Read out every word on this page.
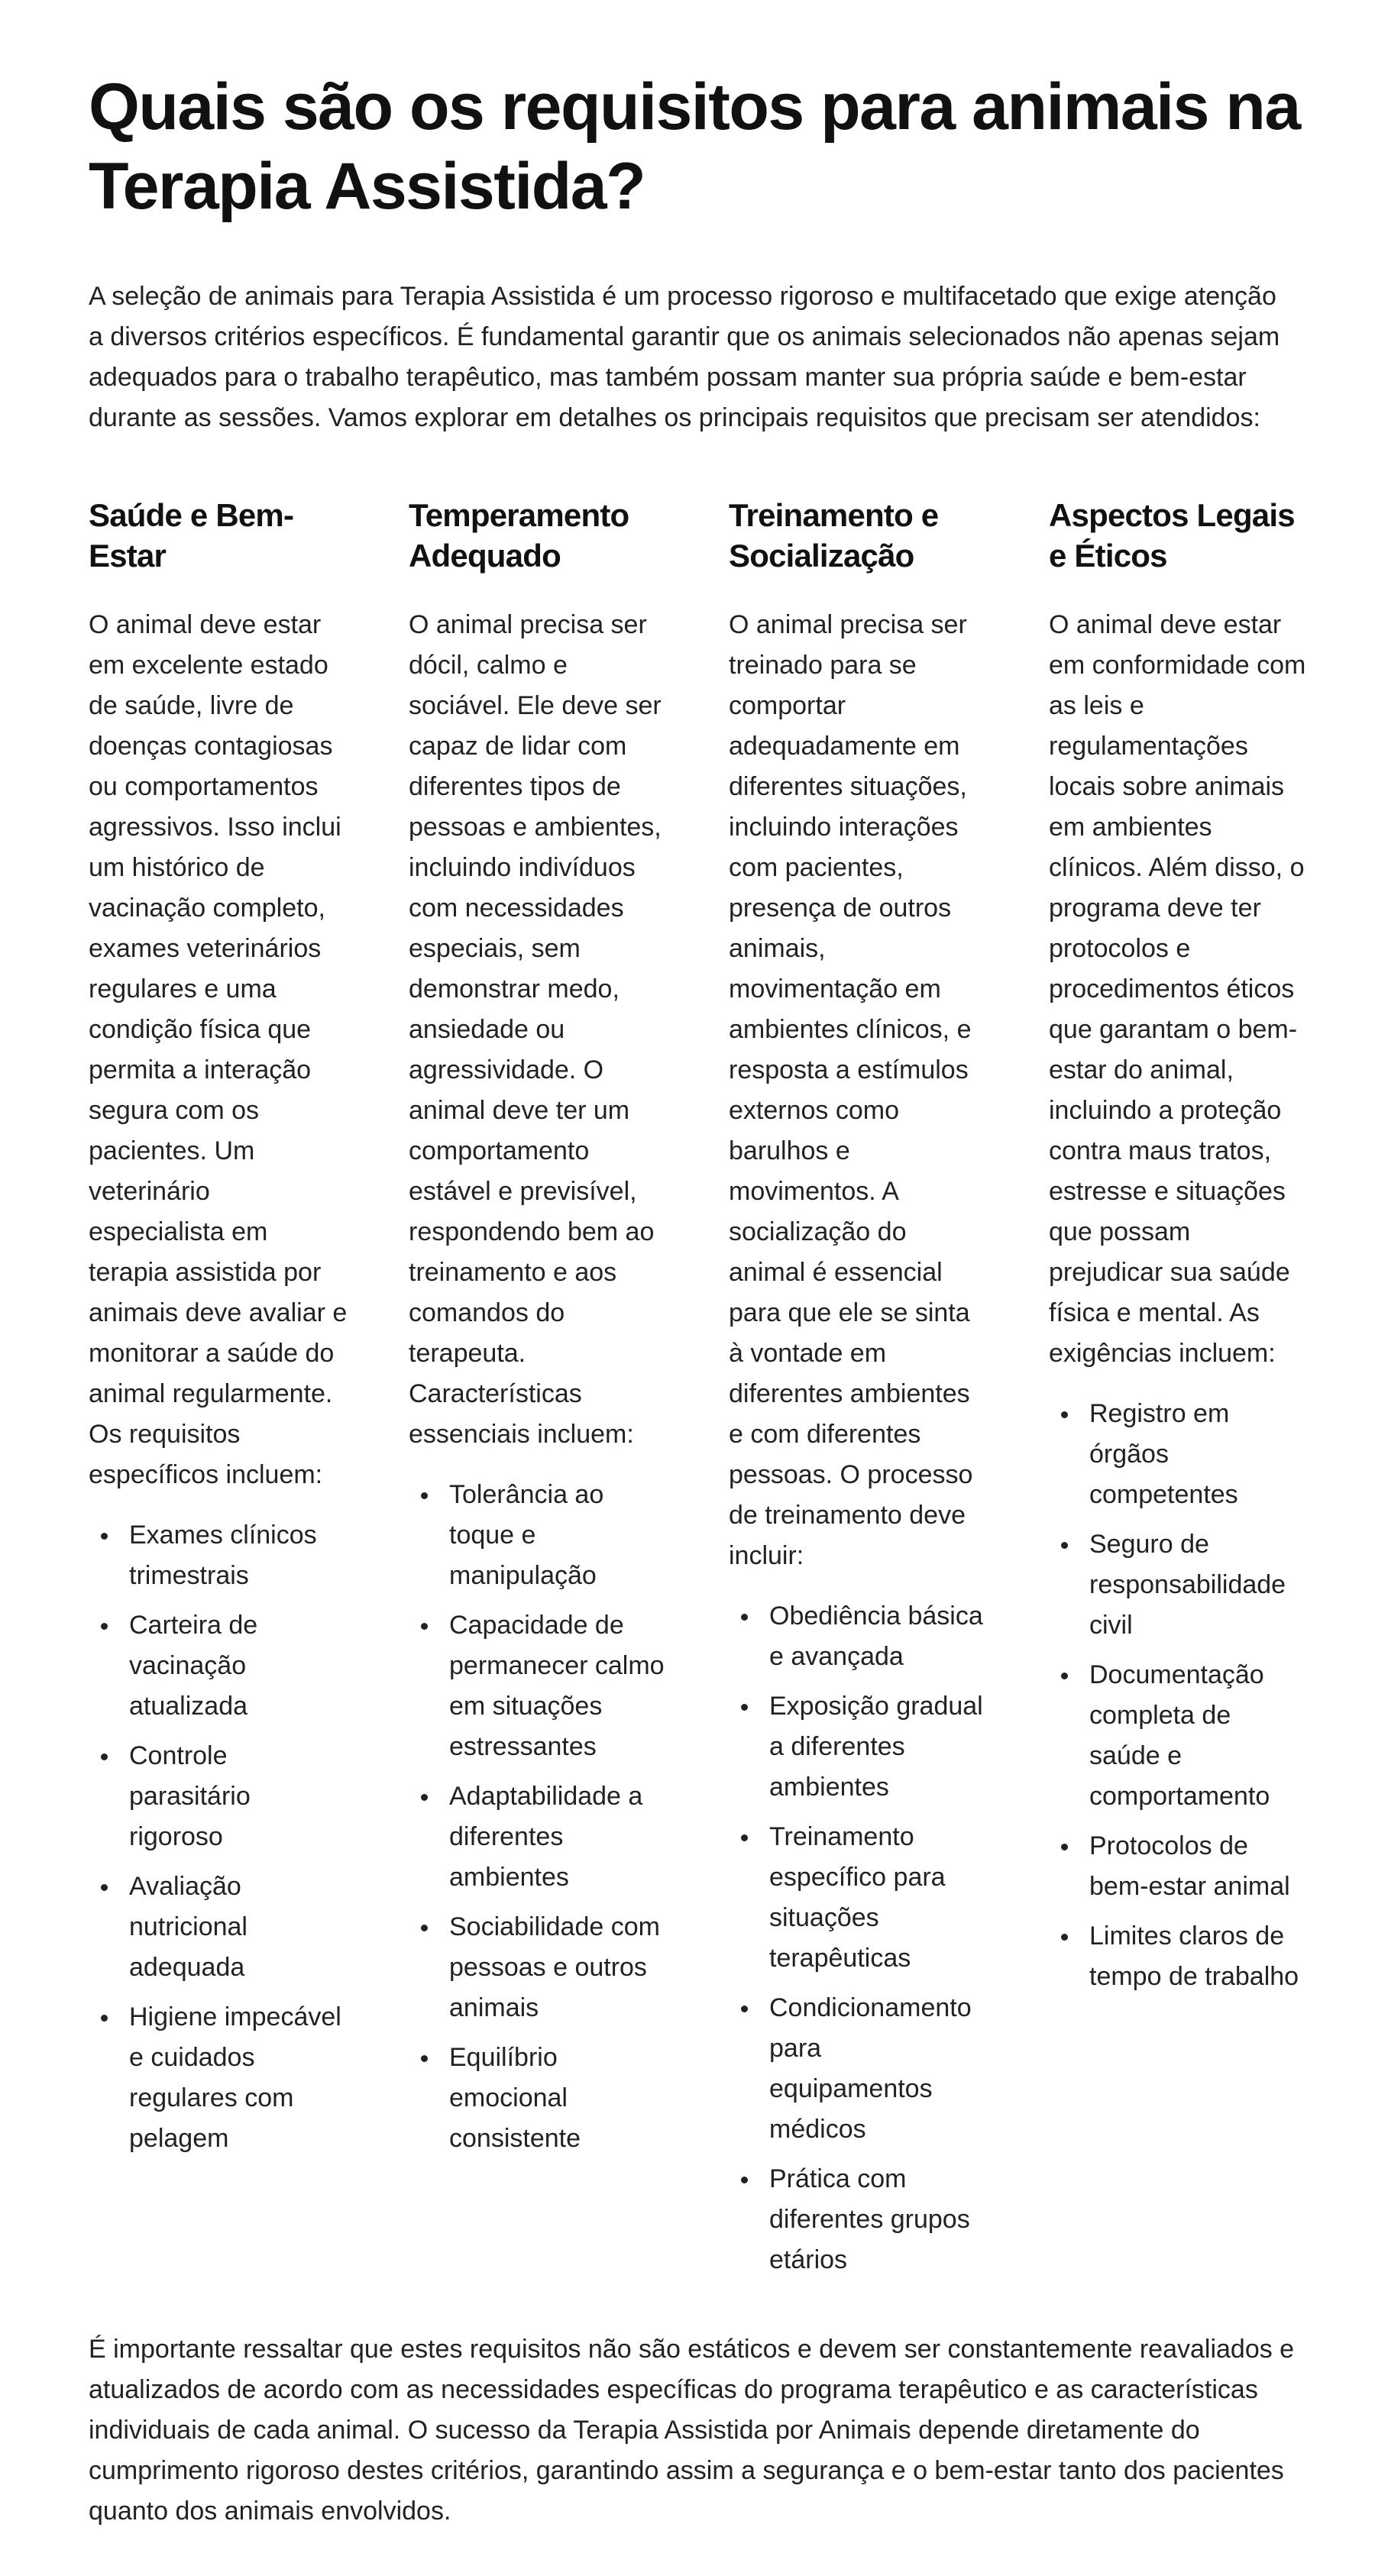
Quais são os requisitos para animais na Terapia Assistida?

A seleção de animais para Terapia Assistida é um processo rigoroso e multifacetado que exige atenção a diversos critérios específicos. É fundamental garantir que os animais selecionados não apenas sejam adequados para o trabalho terapêutico, mas também possam manter sua própria saúde e bem-estar durante as sessões. Vamos explorar em detalhes os principais requisitos que precisam ser atendidos:

Saúde e Bem-Estar

O animal deve estar em excelente estado de saúde, livre de doenças contagiosas ou comportamentos agressivos. Isso inclui um histórico de vacinação completo, exames veterinários regulares e uma condição física que permita a interação segura com os pacientes. Um veterinário especialista em terapia assistida por animais deve avaliar e monitorar a saúde do animal regularmente. Os requisitos específicos incluem:

Exames clínicos trimestrais
Carteira de vacinação atualizada
Controle parasitário rigoroso
Avaliação nutricional adequada
Higiene impecável e cuidados regulares com pelagem
Temperamento Adequado

O animal precisa ser dócil, calmo e sociável. Ele deve ser capaz de lidar com diferentes tipos de pessoas e ambientes, incluindo indivíduos com necessidades especiais, sem demonstrar medo, ansiedade ou agressividade. O animal deve ter um comportamento estável e previsível, respondendo bem ao treinamento e aos comandos do terapeuta. Características essenciais incluem:

Tolerância ao toque e manipulação
Capacidade de permanecer calmo em situações estressantes
Adaptabilidade a diferentes ambientes
Sociabilidade com pessoas e outros animais
Equilíbrio emocional consistente
Treinamento e Socialização

O animal precisa ser treinado para se comportar adequadamente em diferentes situações, incluindo interações com pacientes, presença de outros animais, movimentação em ambientes clínicos, e resposta a estímulos externos como barulhos e movimentos. A socialização do animal é essencial para que ele se sinta à vontade em diferentes ambientes e com diferentes pessoas. O processo de treinamento deve incluir:

Obediência básica e avançada
Exposição gradual a diferentes ambientes
Treinamento específico para situações terapêuticas
Condicionamento para equipamentos médicos
Prática com diferentes grupos etários
Aspectos Legais e Éticos

O animal deve estar em conformidade com as leis e regulamentações locais sobre animais em ambientes clínicos. Além disso, o programa deve ter protocolos e procedimentos éticos que garantam o bem-estar do animal, incluindo a proteção contra maus tratos, estresse e situações que possam prejudicar sua saúde física e mental. As exigências incluem:

Registro em órgãos competentes
Seguro de responsabilidade civil
Documentação completa de saúde e comportamento
Protocolos de bem-estar animal
Limites claros de tempo de trabalho

É importante ressaltar que estes requisitos não são estáticos e devem ser constantemente reavaliados e atualizados de acordo com as necessidades específicas do programa terapêutico e as características individuais de cada animal. O sucesso da Terapia Assistida por Animais depende diretamente do cumprimento rigoroso destes critérios, garantindo assim a segurança e o bem-estar tanto dos pacientes quanto dos animais envolvidos.
